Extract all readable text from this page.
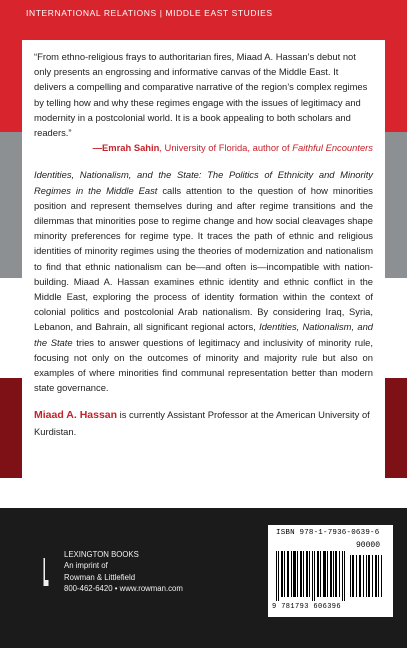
INTERNATIONAL RELATIONS | MIDDLE EAST STUDIES

“From ethno-religious frays to authoritarian fires, Miaad A. Hassan’s debut not only presents an engrossing and informative canvas of the Middle East. It delivers a compelling and comparative narrative of the region’s complex regimes by telling how and why these regimes engage with the issues of legitimacy and modernity in a postcolonial world. It is a book appealing to both scholars and readers.”

—Emrah Sahin, University of Florida, author of Faithful Encounters

Identities, Nationalism, and the State: The Politics of Ethnicity and Minority Regimes in the Middle East calls attention to the question of how minorities position and represent themselves during and after regime transitions and the dilemmas that minorities pose to regime change and how social cleavages shape minority preferences for regime type. It traces the path of ethnic and religious identities of minority regimes using the theories of modernization and nationalism to find that ethnic nationalism can be—and often is—incompatible with nation-building. Miaad A. Hassan examines ethnic identity and ethnic conflict in the Middle East, exploring the process of identity formation within the context of colonial politics and postcolonial Arab nationalism. By considering Iraq, Syria, Lebanon, and Bahrain, all significant regional actors, Identities, Nationalism, and the State tries to answer questions of legitimacy and inclusivity of minority rule, focusing not only on the outcomes of minority and majority rule but also on examples of where minorities find communal representation better than modern state governance.

Miaad A. Hassan is currently Assistant Professor at the American University of Kurdistan.

LEXINGTON BOOKS
An imprint of
Rowman & Littlefield
800-462-6420 • www.rowman.com
ISBN 978-1-7936-0639-6
90000
9 781793 606396
